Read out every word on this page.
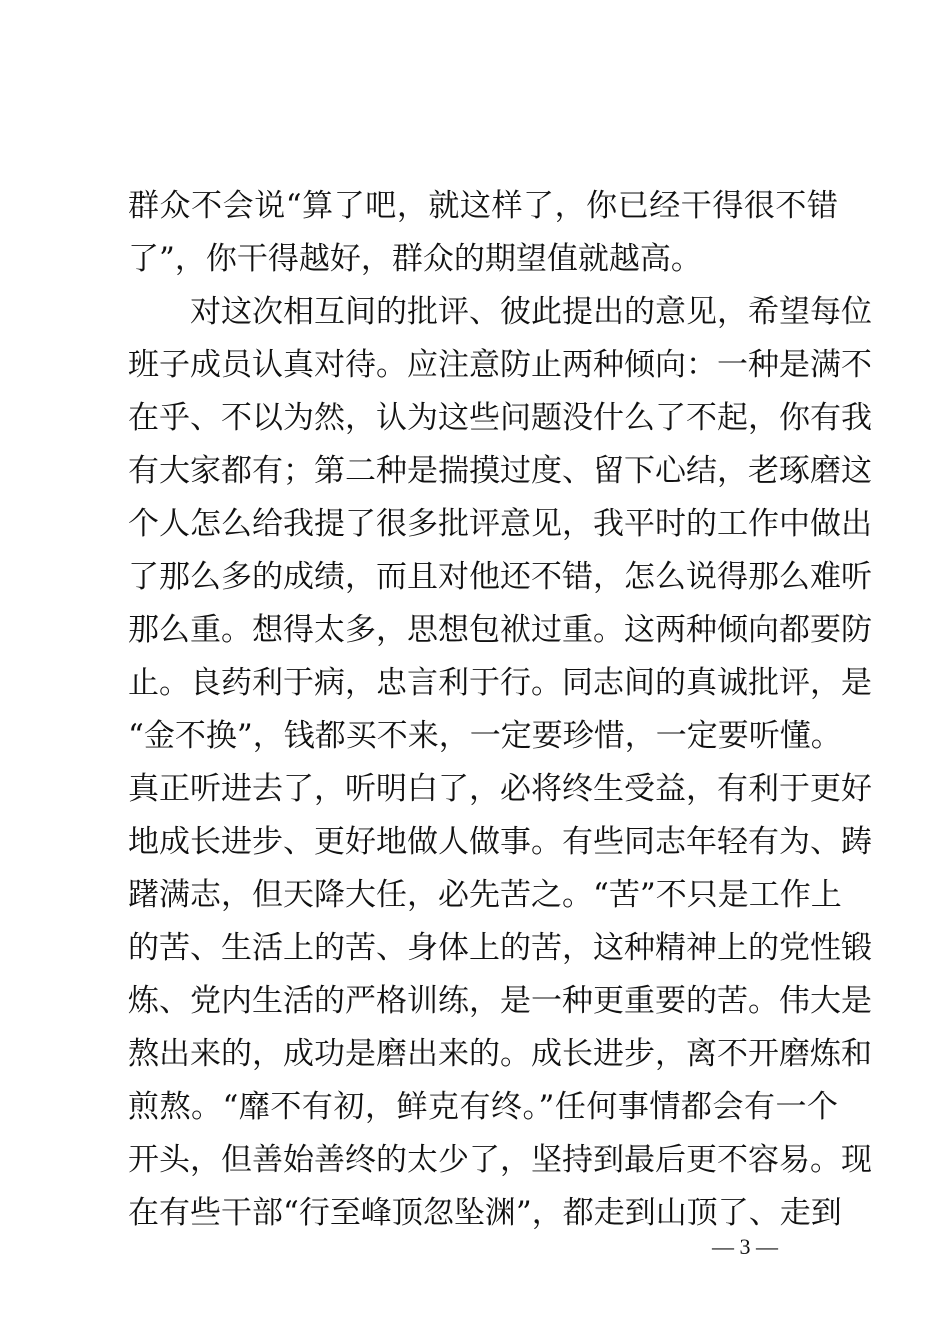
群众不会说“算了吧，就这样了，你已经干得很不错
了”，你干得越好，群众的期望值就越高。
对这次相互间的批评、彼此提出的意见，希望每位
班子成员认真对待。应注意防止两种倾向：一种是满不
在乎、不以为然，认为这些问题没什么了不起，你有我
有大家都有；第二种是揣摸过度、留下心结，老琢磨这
个人怎么给我提了很多批评意见，我平时的工作中做出
了那么多的成绩，而且对他还不错，怎么说得那么难听
那么重。想得太多，思想包袱过重。这两种倾向都要防
止。良药利于病，忠言利于行。同志间的真诚批评，是
“金不换”，钱都买不来，一定要珍惜，一定要听懂。
真正听进去了，听明白了，必将终生受益，有利于更好
地成长进步、更好地做人做事。有些同志年轻有为、踌
躇满志，但天降大任，必先苦之。“苦”不只是工作上
的苦、生活上的苦、身体上的苦，这种精神上的党性锻
炼、党内生活的严格训练，是一种更重要的苦。伟大是
熬出来的，成功是磨出来的。成长进步，离不开磨炼和
煎熬。“靡不有初，鲜克有终。”任何事情都会有一个
开头，但善始善终的太少了，坚持到最后更不容易。现
在有些干部“行至峰顶忽坠渊”，都走到山顶了、走到
— 3 —
